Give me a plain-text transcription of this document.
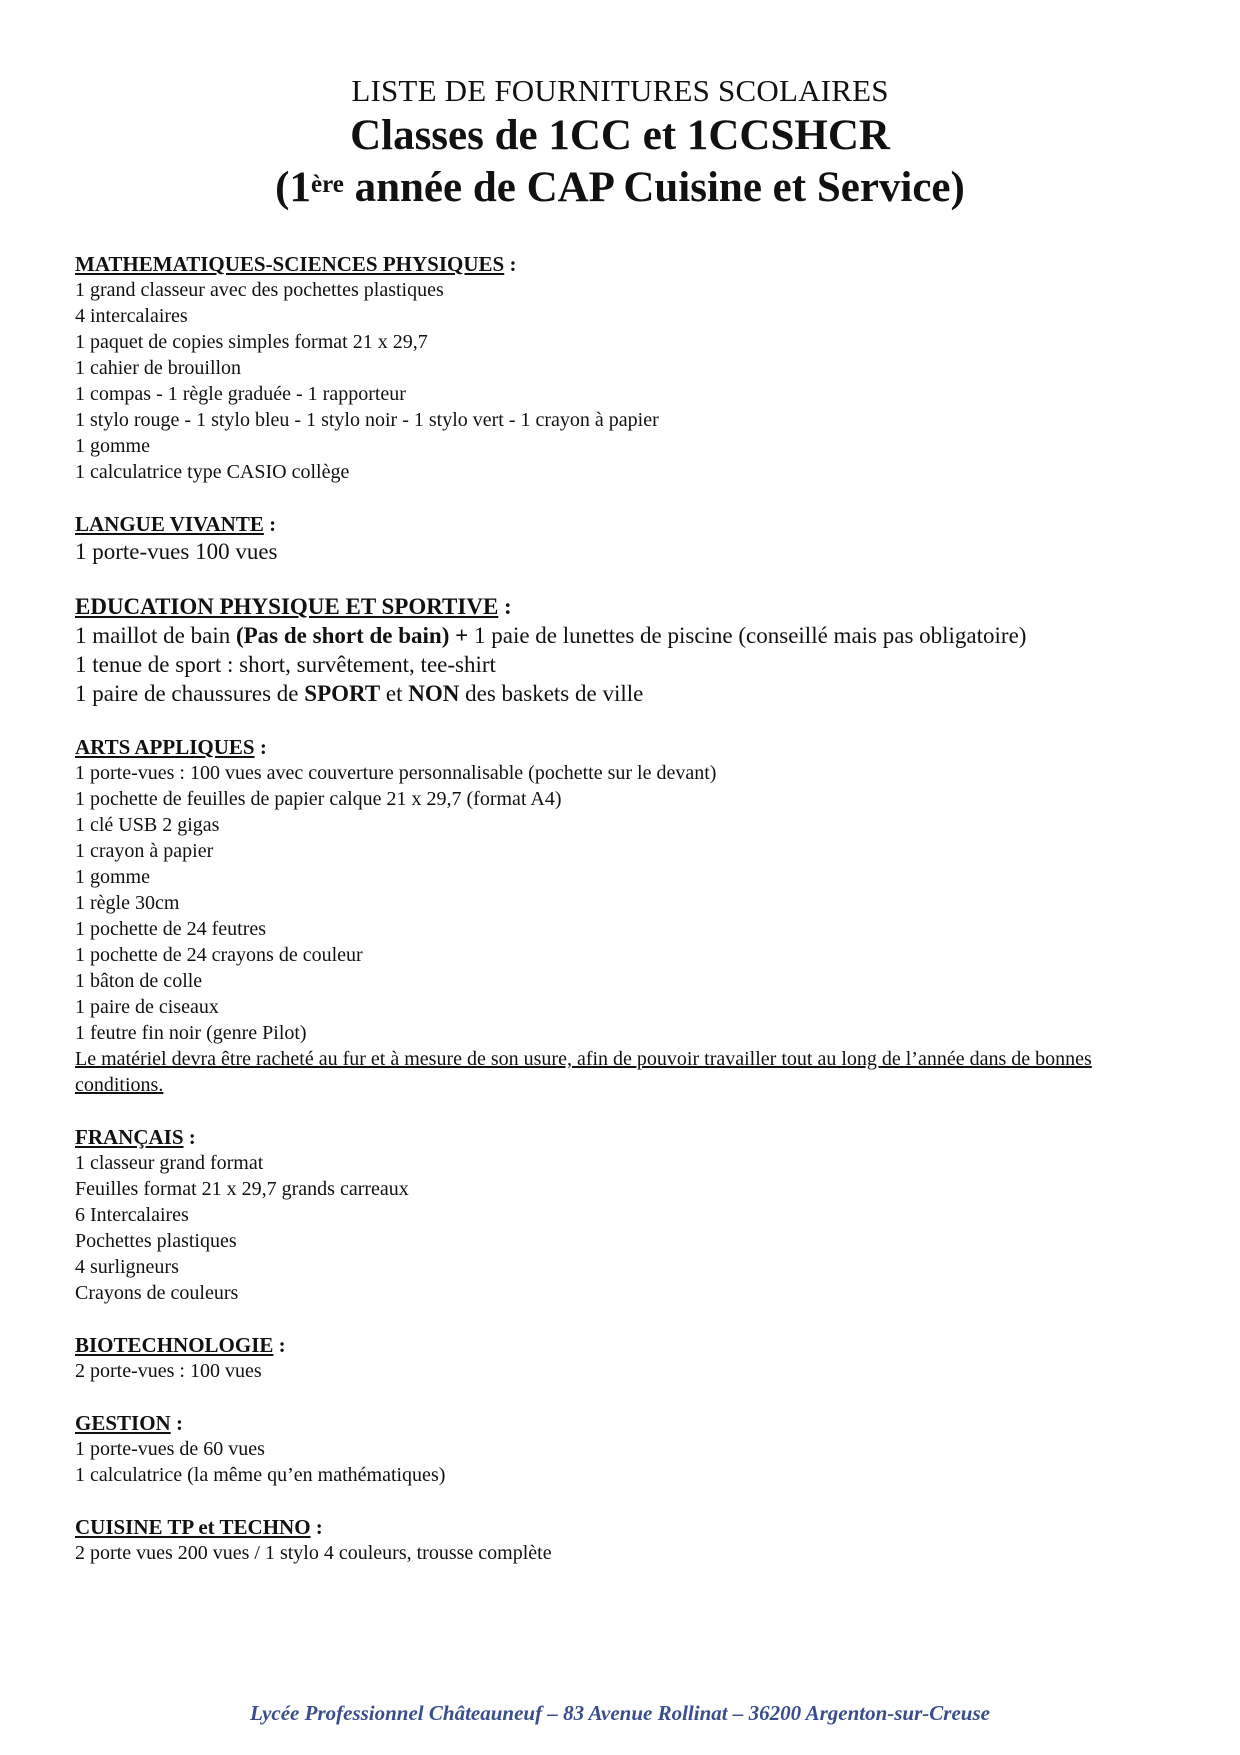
LISTE DE FOURNITURES SCOLAIRES
Classes de 1CC et 1CCSHCR
(1ère année de CAP Cuisine et Service)
MATHEMATIQUES-SCIENCES PHYSIQUES :
1 grand classeur avec des pochettes plastiques
4 intercalaires
1 paquet de copies simples format 21 x 29,7
1 cahier de brouillon
1 compas - 1 règle graduée - 1 rapporteur
1 stylo rouge - 1 stylo bleu - 1 stylo noir - 1 stylo vert - 1 crayon à papier
1 gomme
1 calculatrice type CASIO collège
LANGUE VIVANTE :
1 porte-vues 100 vues
EDUCATION PHYSIQUE ET SPORTIVE :
1 maillot de bain (Pas de short de bain) + 1 paie de lunettes de piscine (conseillé mais pas obligatoire)
1 tenue de sport : short, survêtement, tee-shirt
1 paire de chaussures de SPORT et NON des baskets de ville
ARTS APPLIQUES :
1 porte-vues : 100 vues avec couverture personnalisable (pochette sur le devant)
1 pochette de feuilles de papier calque 21 x 29,7 (format A4)
1 clé USB 2 gigas
1 crayon à papier
1 gomme
1 règle 30cm
1 pochette de 24 feutres
1 pochette de 24 crayons de couleur
1 bâton de colle
1 paire de ciseaux
1 feutre fin noir (genre Pilot)
Le matériel devra être racheté au fur et à mesure de son usure, afin de pouvoir travailler tout au long de l’année dans de bonnes conditions.
FRANÇAIS :
1 classeur grand format
Feuilles format 21 x 29,7 grands carreaux
6 Intercalaires
Pochettes plastiques
4 surligneurs
Crayons de couleurs
BIOTECHNOLOGIE :
2 porte-vues : 100 vues
GESTION :
1 porte-vues de 60 vues
1 calculatrice (la même qu’en mathématiques)
CUISINE TP et TECHNO :
2 porte vues 200 vues / 1 stylo 4 couleurs, trousse complète
Lycée Professionnel Châteauneuf – 83 Avenue Rollinat – 36200 Argenton-sur-Creuse
